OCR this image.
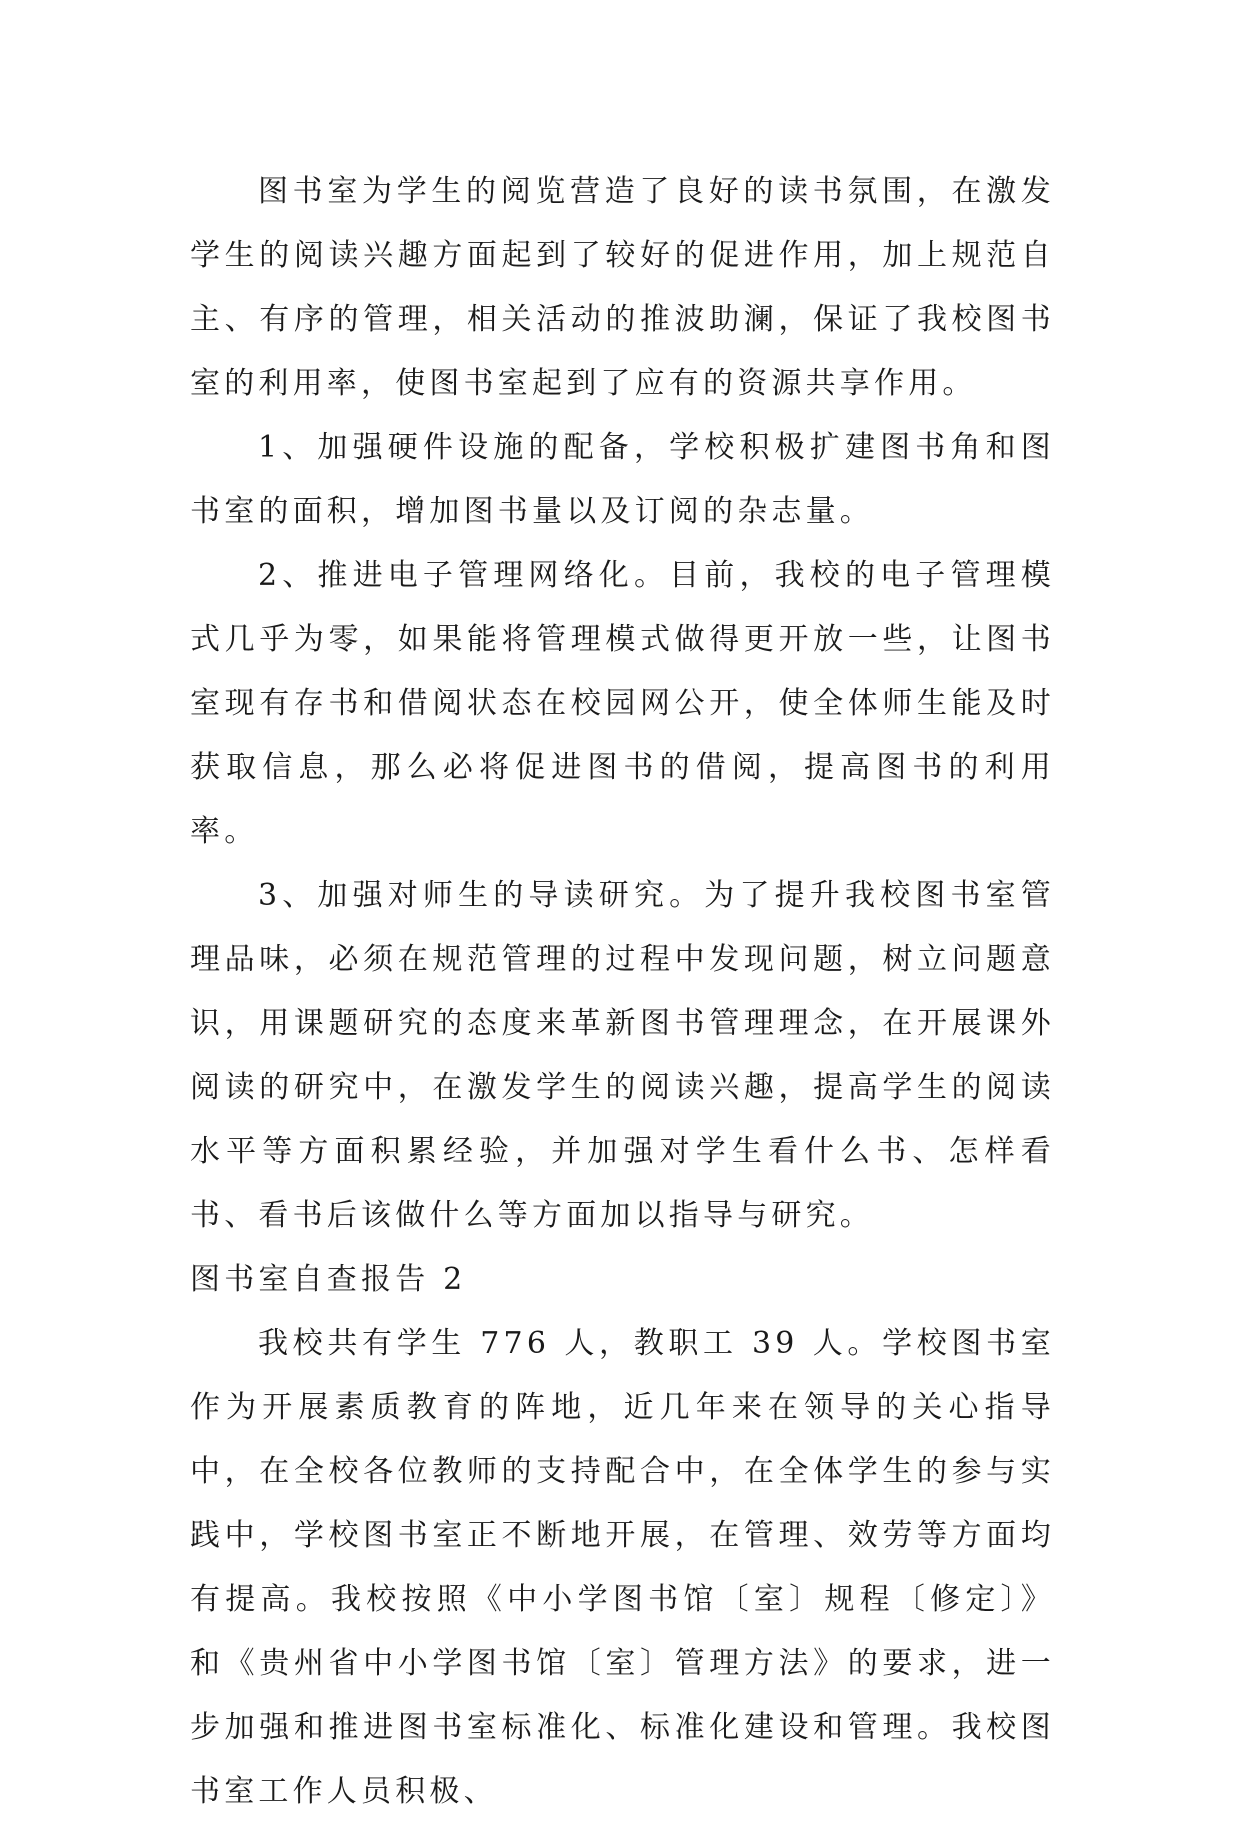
图书室为学生的阅览营造了良好的读书氛围，在激发学生的阅读兴趣方面起到了较好的促进作用，加上规范自主、有序的管理，相关活动的推波助澜，保证了我校图书室的利用率，使图书室起到了应有的资源共享作用。

1、加强硬件设施的配备，学校积极扩建图书角和图书室的面积，增加图书量以及订阅的杂志量。

2、推进电子管理网络化。目前，我校的电子管理模式几乎为零，如果能将管理模式做得更开放一些，让图书室现有存书和借阅状态在校园网公开，使全体师生能及时获取信息，那么必将促进图书的借阅，提高图书的利用率。

3、加强对师生的导读研究。为了提升我校图书室管理品味，必须在规范管理的过程中发现问题，树立问题意识，用课题研究的态度来革新图书管理理念，在开展课外阅读的研究中，在激发学生的阅读兴趣，提高学生的阅读水平等方面积累经验，并加强对学生看什么书、怎样看书、看书后该做什么等方面加以指导与研究。

图书室自查报告 2

我校共有学生 776 人，教职工 39 人。学校图书室作为开展素质教育的阵地，近几年来在领导的关心指导中，在全校各位教师的支持配合中，在全体学生的参与实践中，学校图书室正不断地开展，在管理、效劳等方面均有提高。我校按照《中小学图书馆〔室〕规程〔修定〕》和《贵州省中小学图书馆〔室〕管理方法》的要求，进一步加强和推进图书室标准化、标准化建设和管理。我校图书室工作人员积极、
